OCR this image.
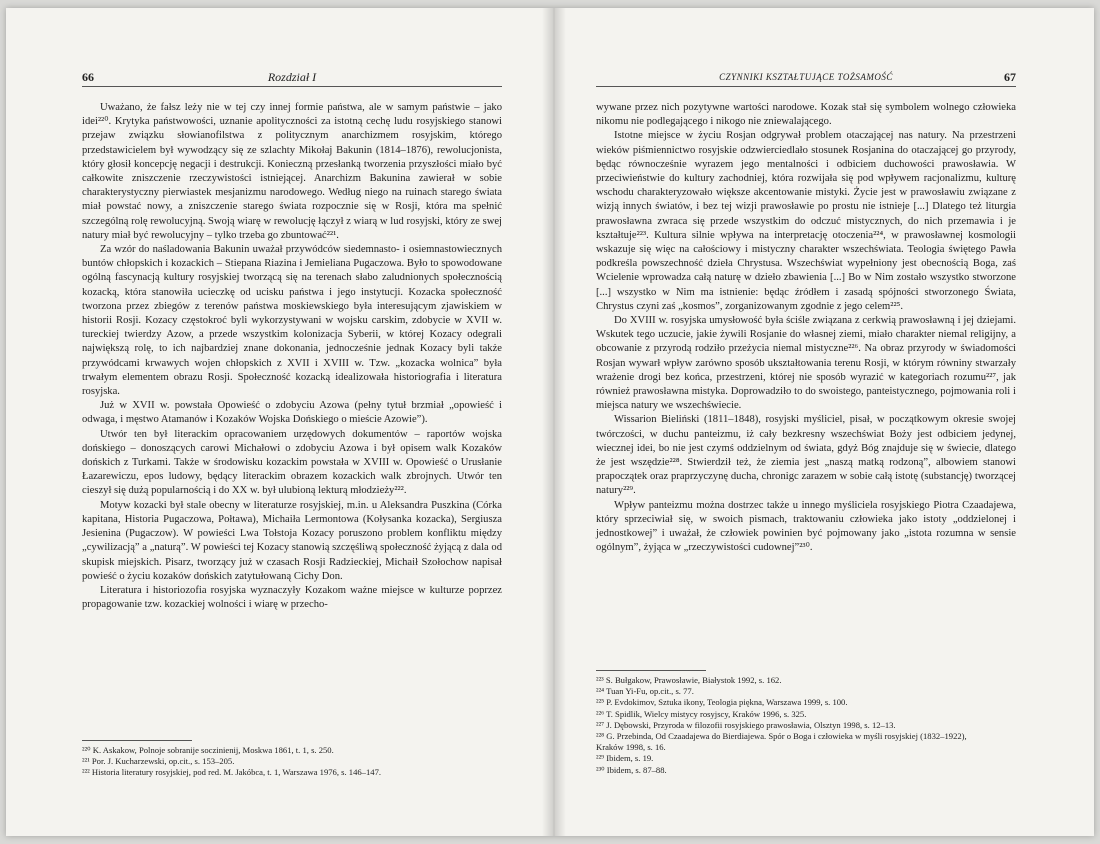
66	Rozdział I

Uważano, że fałsz leży nie w tej czy innej formie państwa, ale w samym państwie – jako idei²²⁰. Krytyka państwowości, uznanie apolityczności za istotną cechę ludu rosyjskiego stanowi przejaw związku słowianofilstwa z politycznym anarchizmem rosyjskim, którego przedstawicielem był wywodzący się ze szlachty Mikołaj Bakunin (1814–1876), rewolucjonista, który głosił koncepcję negacji i destrukcji. Konieczną przesłanką tworzenia przyszłości miało być całkowite zniszczenie rzeczywistości istniejącej. Anarchizm Bakunina zawierał w sobie charakterystyczny pierwiastek mesjanizmu narodowego. Według niego na ruinach starego świata miał powstać nowy, a zniszczenie starego świata rozpocznie się w Rosji, która ma spełnić szczególną rolę rewolucyjną. Swoją wiarę w rewolucję łączył z wiarą w lud rosyjski, który ze swej natury miał być rewolucyjny – tylko trzeba go zbuntować²²¹.

Za wzór do naśladowania Bakunin uważał przywódców siedemnasto- i osiemnastowiecznych buntów chłopskich i kozackich – Stiepana Riazina i Jemieliana Pugaczowa. Było to spowodowane ogólną fascynacją kultury rosyjskiej tworzącą się na terenach słabo zaludnionych społecznością kozacką, która stanowiła ucieczkę od ucisku państwa i jego instytucji. Kozacka społeczność tworzona przez zbiegów z terenów państwa moskiewskiego była interesującym zjawiskiem w historii Rosji. Kozacy częstokroć byli wykorzystywani w wojsku carskim, zdobycie w XVII w. tureckiej twierdzy Azow, a przede wszystkim kolonizacja Syberii, w której Kozacy odegrali największą rolę, to ich najbardziej znane dokonania, jednocześnie jednak Kozacy byli także przywódcami krwawych wojen chłopskich z XVII i XVIII w. Tzw. „kozacka wolnica” była trwałym elementem obrazu Rosji. Społeczność kozacką idealizowała historiografia i literatura rosyjska.

Już w XVII w. powstała Opowieść o zdobyciu Azowa (pełny tytuł brzmiał „opowieść i odwaga, i męstwo Atamanów i Kozaków Wojska Dońskiego o mieście Azowie”).

Utwór ten był literackim opracowaniem urzędowych dokumentów – raportów wojska dońskiego – donoszących carowi Michałowi o zdobyciu Azowa i był opisem walk Kozaków dońskich z Turkami. Także w środowisku kozackim powstała w XVIII w. Opowieść o Urusłanie Łazarewiczu, epos ludowy, będący literackim obrazem kozackich walk zbrojnych. Utwór ten cieszył się dużą popularnością i do XX w. był ulubioną lekturą młodzieży²²².

Motyw kozacki był stale obecny w literaturze rosyjskiej, m.in. u Aleksandra Puszkina (Córka kapitana, Historia Pugaczowa, Połtawa), Michaiła Lermontowa (Kołysanka kozacka), Sergiusza Jesienina (Pugaczow). W powieści Lwa Tołstoja Kozacy poruszono problem konfliktu między „cywilizacją” a „naturą”. W powieści tej Kozacy stanowią szczęśliwą społeczność żyjącą z dala od skupisk miejskich. Pisarz, tworzący już w czasach Rosji Radzieckiej, Michaił Szołochow napisał powieść o życiu kozaków dońskich zatytułowaną Cichy Don.

Literatura i historiozofia rosyjska wyznaczyły Kozakom ważne miejsce w kulturze poprzez propagowanie tzw. kozackiej wolności i wiarę w przecho-

²²⁰ K. Askakow, Polnoje sobranije soczinienij, Moskwa 1861, t. 1, s. 250.
²²¹ Por. J. Kucharzewski, op.cit., s. 153–205.
²²² Historia literatury rosyjskiej, pod red. M. Jakóbca, t. 1, Warszawa 1976, s. 146–147.
CZYNNIKI KSZTAŁTUJĄCE TOŻSAMOŚĆ	67

wywane przez nich pozytywne wartości narodowe. Kozak stał się symbolem wolnego człowieka nikomu nie podlegającego i nikogo nie zniewalającego.

Istotne miejsce w życiu Rosjan odgrywał problem otaczającej nas natury. Na przestrzeni wieków piśmiennictwo rosyjskie odzwierciedlało stosunek Rosjanina do otaczającej go przyrody, będąc równocześnie wyrazem jego mentalności i odbiciem duchowości prawosławia. W przeciwieństwie do kultury zachodniej, która rozwijała się pod wpływem racjonalizmu, kulturę wschodu charakteryzowało większe akcentowanie mistyki. Życie jest w prawosławiu związane z wizją innych światów, i bez tej wizji prawosławie po prostu nie istnieje [...] Dlatego też liturgia prawosławna zwraca się przede wszystkim do odczuć mistycznych, do nich przemawia i je kształtuje²²³. Kultura silnie wpływa na interpretację otoczenia²²⁴, w prawosławnej kosmologii wskazuje się więc na całościowy i mistyczny charakter wszechświata. Teologia świętego Pawła podkreśla powszechność dzieła Chrystusa. Wszechświat wypełniony jest obecnością Boga, zaś Wcielenie wprowadza całą naturę w dzieło zbawienia [...] Bo w Nim zostało wszystko stworzone [...] wszystko w Nim ma istnienie: będąc źródłem i zasadą spójności stworzonego Świata, Chrystus czyni zaś „kosmos”, zorganizowanym zgodnie z jego celem²²⁵.

Do XVIII w. rosyjska umysłowość była ściśle związana z cerkwią prawosławną i jej dziejami. Wskutek tego uczucie, jakie żywili Rosjanie do własnej ziemi, miało charakter niemal religijny, a obcowanie z przyrodą rodziło przeżycia niemal mistyczne²²⁶. Na obraz przyrody w świadomości Rosjan wywarł wpływ zarówno sposób ukształtowania terenu Rosji, w którym równiny stwarzały wrażenie drogi bez końca, przestrzeni, której nie sposób wyrazić w kategoriach rozumu²²⁷, jak również prawosławna mistyka. Doprowadziło to do swoistego, panteistycznego, pojmowania roli i miejsca natury we wszechświecie.

Wissarion Bieliński (1811–1848), rosyjski myśliciel, pisał, w początkowym okresie swojej twórczości, w duchu panteizmu, iż cały bezkresny wszechświat Boży jest odbiciem jedynej, wiecznej idei, bo nie jest czymś oddzielnym od świata, gdyż Bóg znajduje się w świecie, dlatego że jest wszędzie²²⁸. Stwierdził też, że ziemia jest „naszą matką rodzoną”, albowiem stanowi prapoczątek oraz praprzyczynę ducha, chronigc zarazem w sobie całą istotę (substancję) tworzącej natury²²⁹.

Wpływ panteizmu można dostrzec także u innego myśliciela rosyjskiego Piotra Czaadajewa, który sprzeciwiał się, w swoich pismach, traktowaniu człowieka jako istoty „oddzielonej i jednostkowej” i uważał, że człowiek powinien być pojmowany jako „istota rozumna w sensie ogólnym”, żyjąca w „rzeczywistości cudownej”²³⁰.

²²³ S. Bułgakow, Prawosławie, Białystok 1992, s. 162.
²²⁴ Tuan Yi-Fu, op.cit., s. 77.
²²⁵ P. Evdokimov, Sztuka ikony, Teologia piękna, Warszawa 1999, s. 100.
²²⁶ T. Spidlik, Wielcy mistycy rosyjscy, Kraków 1996, s. 325.
²²⁷ J. Dębowski, Przyroda w filozofii rosyjskiego prawosławia, Olsztyn 1998, s. 12–13.
²²⁸ G. Przebinda, Od Czaadajewa do Bierdiajewa. Spór o Boga i człowieka w myśli rosyjskiej (1832–1922),
Kraków 1998, s. 16.
²²⁹ Ibidem, s. 19.
²³⁰ Ibidem, s. 87–88.
